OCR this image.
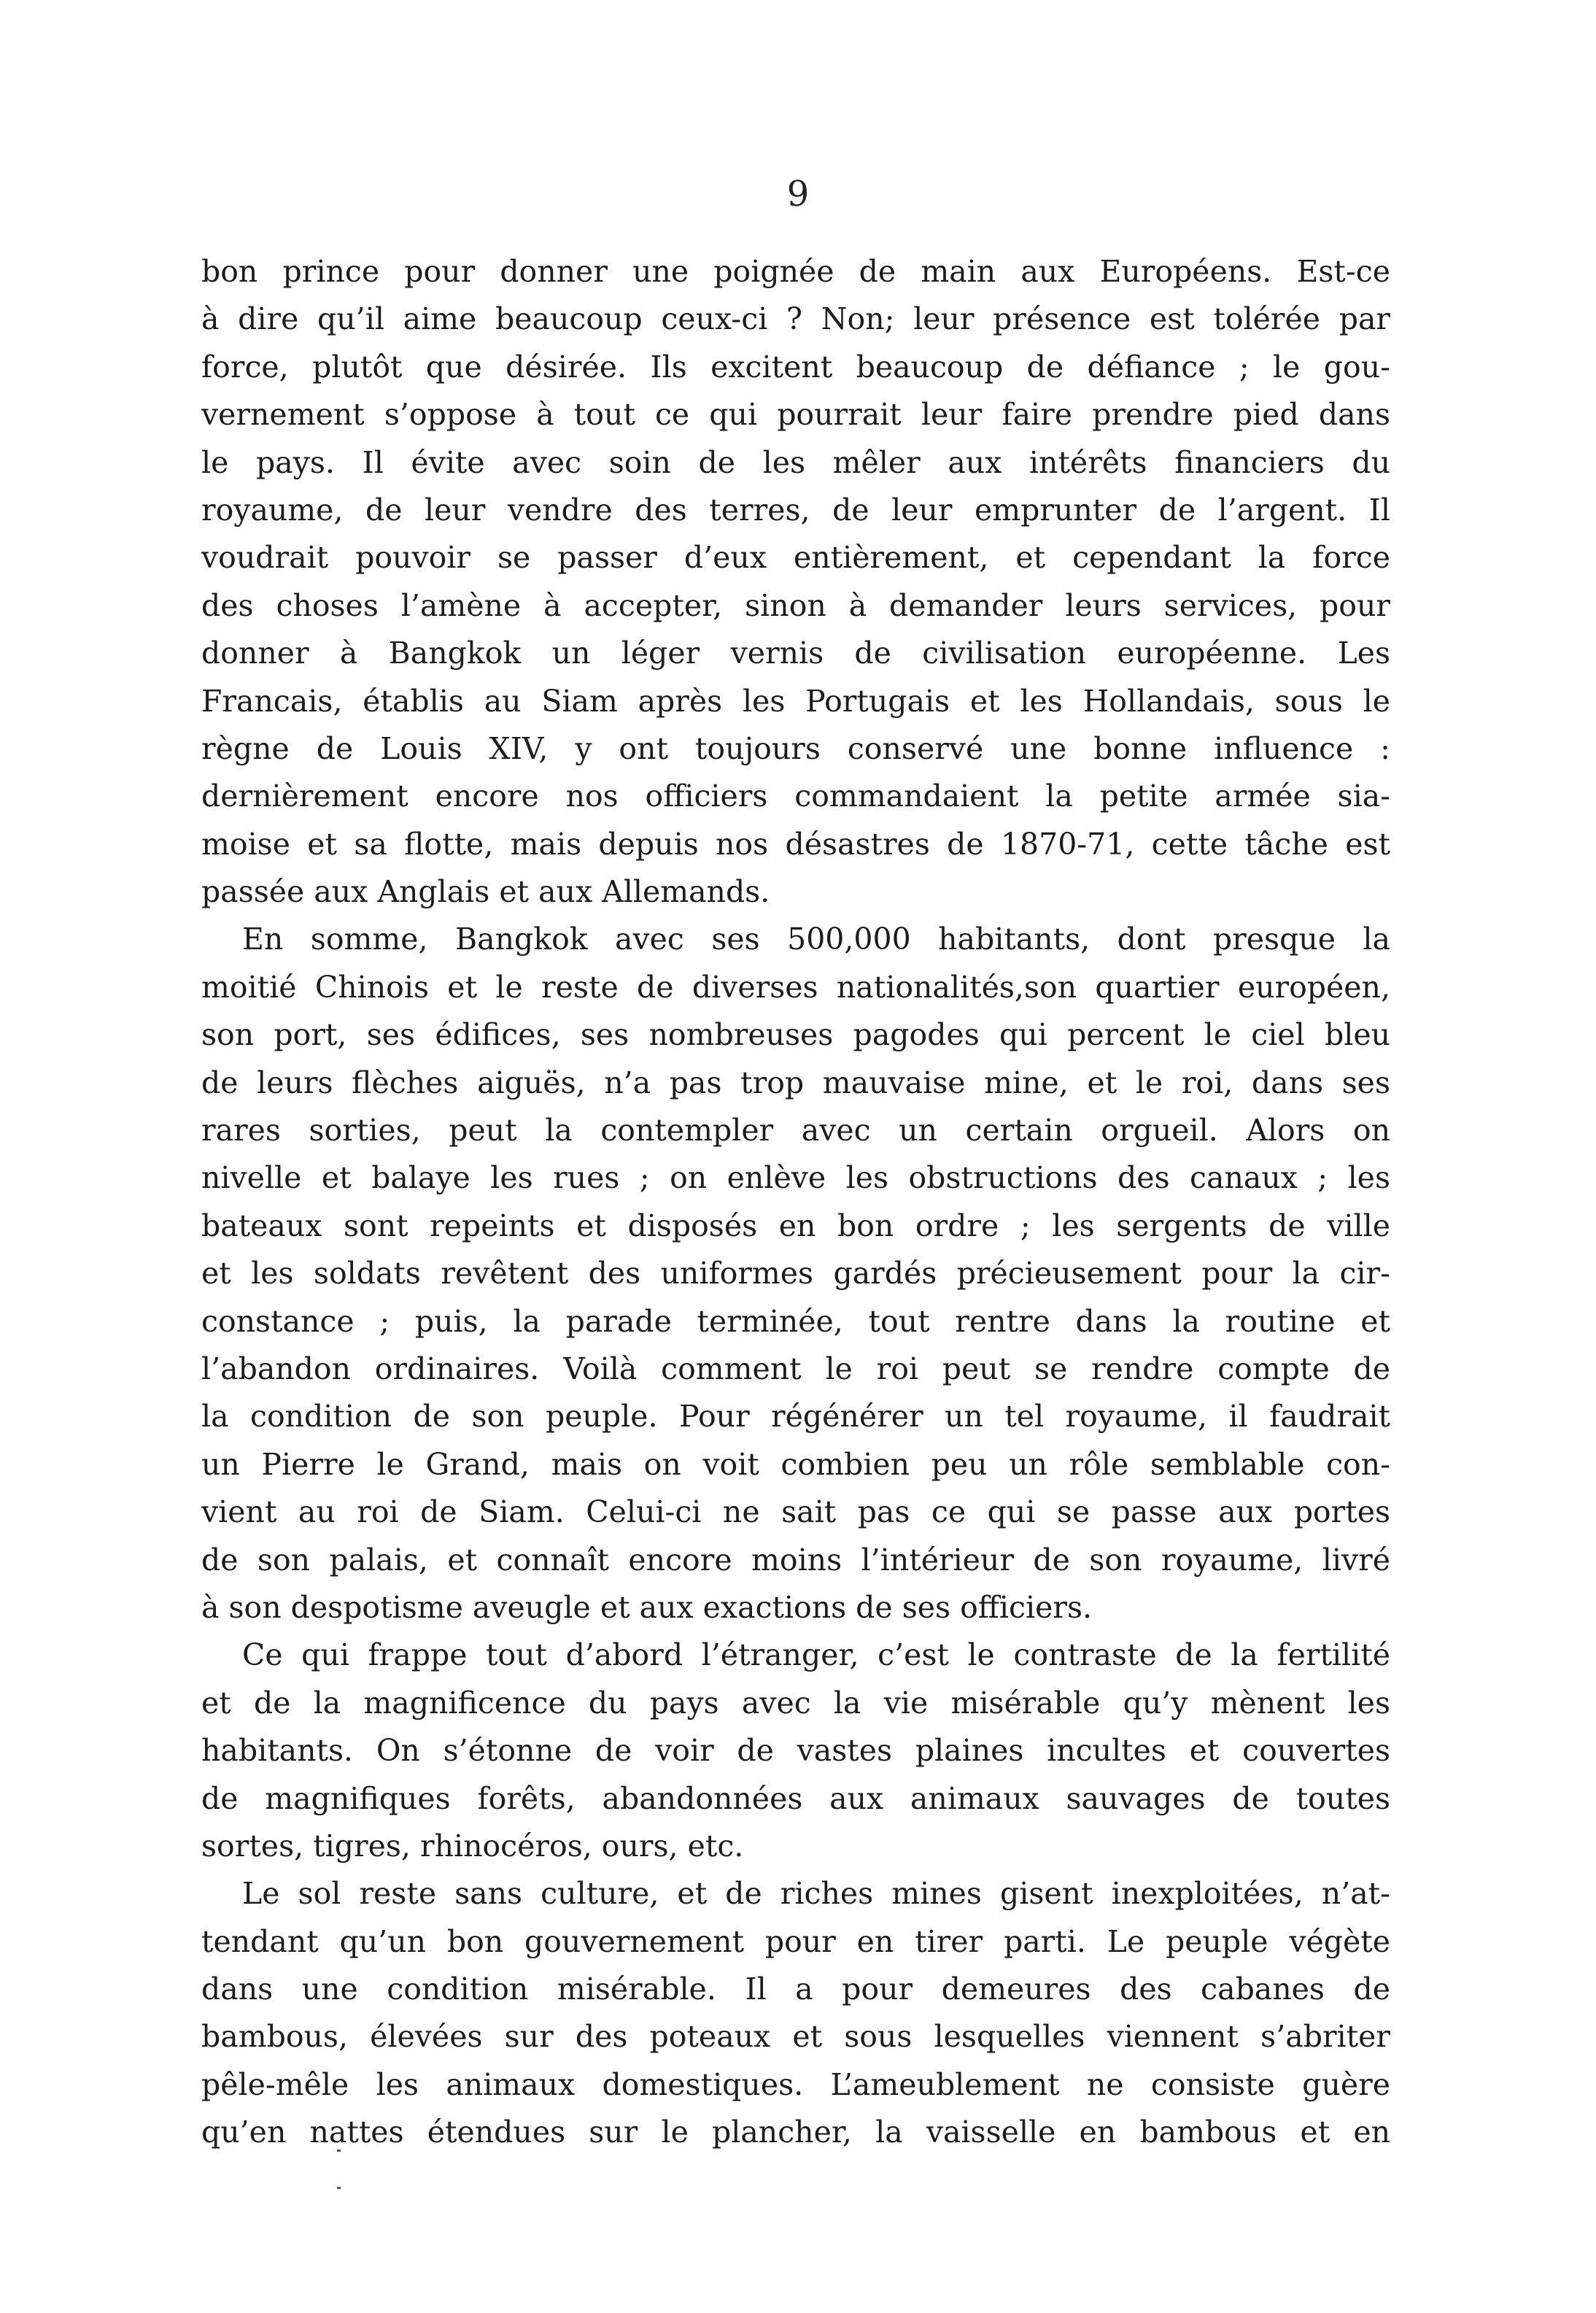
9
bon prince pour donner une poignée de main aux Européens. Est-ce
à dire qu’il aime beaucoup ceux-ci ? Non; leur présence est tolérée par
force, plutôt que désirée. Ils excitent beaucoup de défiance ; le gou-
vernement s’oppose à tout ce qui pourrait leur faire prendre pied dans
le pays. Il évite avec soin de les mêler aux intérêts financiers du
royaume, de leur vendre des terres, de leur emprunter de l’argent. Il
voudrait pouvoir se passer d’eux entièrement, et cependant la force
des choses l’amène à accepter, sinon à demander leurs services, pour
donner à Bangkok un léger vernis de civilisation européenne. Les
Francais, établis au Siam après les Portugais et les Hollandais, sous le
règne de Louis XIV, y ont toujours conservé une bonne influence :
dernièrement encore nos officiers commandaient la petite armée sia-
moise et sa flotte, mais depuis nos désastres de 1870-71, cette tâche est
passée aux Anglais et aux Allemands.
En somme, Bangkok avec ses 500,000 habitants, dont presque la
moitié Chinois et le reste de diverses nationalités,son quartier européen,
son port, ses édifices, ses nombreuses pagodes qui percent le ciel bleu
de leurs flèches aiguës, n’a pas trop mauvaise mine, et le roi, dans ses
rares sorties, peut la contempler avec un certain orgueil. Alors on
nivelle et balaye les rues ; on enlève les obstructions des canaux ; les
bateaux sont repeints et disposés en bon ordre ; les sergents de ville
et les soldats revêtent des uniformes gardés précieusement pour la cir-
constance ; puis, la parade terminée, tout rentre dans la routine et
l’abandon ordinaires. Voilà comment le roi peut se rendre compte de
la condition de son peuple. Pour régénérer un tel royaume, il faudrait
un Pierre le Grand, mais on voit combien peu un rôle semblable con-
vient au roi de Siam. Celui-ci ne sait pas ce qui se passe aux portes
de son palais, et connaît encore moins l’intérieur de son royaume, livré
à son despotisme aveugle et aux exactions de ses officiers.
Ce qui frappe tout d’abord l’étranger, c’est le contraste de la fertilité
et de la magnificence du pays avec la vie misérable qu’y mènent les
habitants. On s’étonne de voir de vastes plaines incultes et couvertes
de magnifiques forêts, abandonnées aux animaux sauvages de toutes
sortes, tigres, rhinocéros, ours, etc.
Le sol reste sans culture, et de riches mines gisent inexploitées, n’at-
tendant qu’un bon gouvernement pour en tirer parti. Le peuple végète
dans une condition misérable. Il a pour demeures des cabanes de
bambous, élevées sur des poteaux et sous lesquelles viennent s’abriter
pêle-mêle les animaux domestiques. L’ameublement ne consiste guère
qu’en nattes étendues sur le plancher, la vaisselle en bambous et en
